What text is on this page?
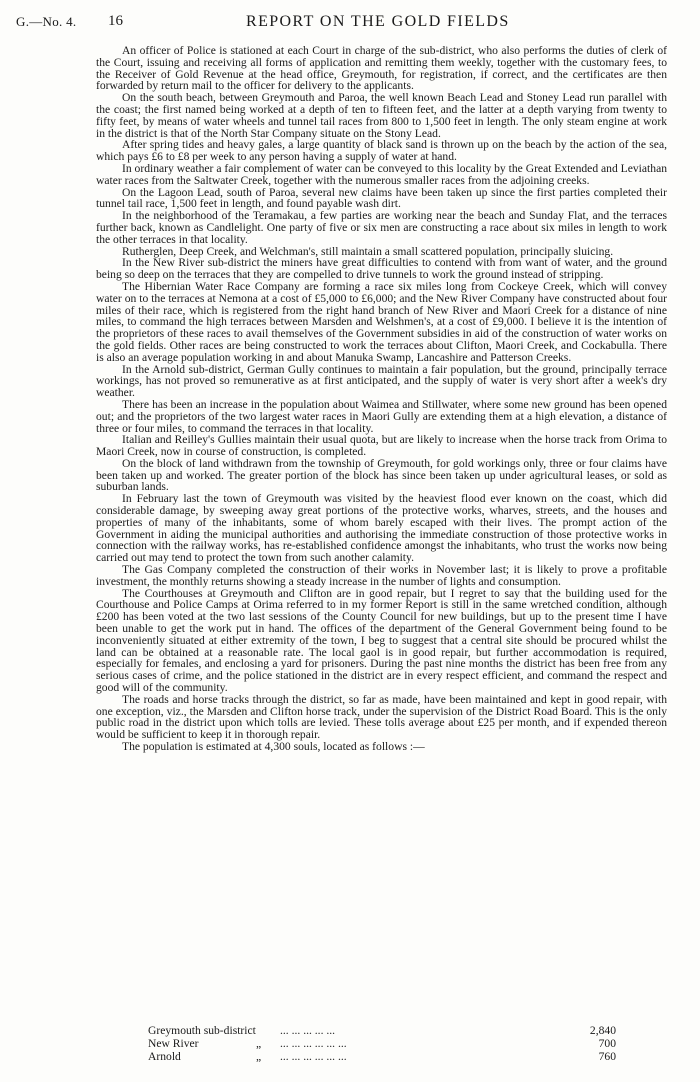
G.—No. 4. 16	REPORT ON THE GOLD FIELDS

An officer of Police is stationed at each Court in charge of the sub-district, who also performs the duties of clerk of the Court, issuing and receiving all forms of application and remitting them weekly, together with the customary fees, to the Receiver of Gold Revenue at the head office, Greymouth, for registration, if correct, and the certificates are then forwarded by return mail to the officer for delivery to the applicants.

On the south beach, between Greymouth and Paroa, the well known Beach Lead and Stoney Lead run parallel with the coast; the first named being worked at a depth of ten to fifteen feet, and the latter at a depth varying from twenty to fifty feet, by means of water wheels and tunnel tail races from 800 to 1,500 feet in length. The only steam engine at work in the district is that of the North Star Company situate on the Stony Lead.

After spring tides and heavy gales, a large quantity of black sand is thrown up on the beach by the action of the sea, which pays £6 to £8 per week to any person having a supply of water at hand.

In ordinary weather a fair complement of water can be conveyed to this locality by the Great Extended and Leviathan water races from the Saltwater Creek, together with the numerous smaller races from the adjoining creeks.

On the Lagoon Lead, south of Paroa, several new claims have been taken up since the first parties completed their tunnel tail race, 1,500 feet in length, and found payable wash dirt.

In the neighborhood of the Teramakau, a few parties are working near the beach and Sunday Flat, and the terraces further back, known as Candlelight. One party of five or six men are constructing a race about six miles in length to work the other terraces in that locality.

Rutherglen, Deep Creek, and Welchman's, still maintain a small scattered population, principally sluicing.

In the New River sub-district the miners have great difficulties to contend with from want of water, and the ground being so deep on the terraces that they are compelled to drive tunnels to work the ground instead of stripping.

The Hibernian Water Race Company are forming a race six miles long from Cockeye Creek, which will convey water on to the terraces at Nemona at a cost of £5,000 to £6,000; and the New River Company have constructed about four miles of their race, which is registered from the right hand branch of New River and Maori Creek for a distance of nine miles, to command the high terraces between Marsden and Welshmen's, at a cost of £9,000. I believe it is the intention of the proprietors of these races to avail themselves of the Government subsidies in aid of the construction of water works on the gold fields. Other races are being constructed to work the terraces about Clifton, Maori Creek, and Cockabulla. There is also an average population working in and about Manuka Swamp, Lancashire and Patterson Creeks.

In the Arnold sub-district, German Gully continues to maintain a fair population, but the ground, principally terrace workings, has not proved so remunerative as at first anticipated, and the supply of water is very short after a week's dry weather.

There has been an increase in the population about Waimea and Stillwater, where some new ground has been opened out; and the proprietors of the two largest water races in Maori Gully are extending them at a high elevation, a distance of three or four miles, to command the terraces in that locality.

Italian and Reilley's Gullies maintain their usual quota, but are likely to increase when the horse track from Orima to Maori Creek, now in course of construction, is completed.

On the block of land withdrawn from the township of Greymouth, for gold workings only, three or four claims have been taken up and worked. The greater portion of the block has since been taken up under agricultural leases, or sold as suburban lands.

In February last the town of Greymouth was visited by the heaviest flood ever known on the coast, which did considerable damage, by sweeping away great portions of the protective works, wharves, streets, and the houses and properties of many of the inhabitants, some of whom barely escaped with their lives. The prompt action of the Government in aiding the municipal authorities and authorising the immediate construction of those protective works in connection with the railway works, has re-established confidence amongst the inhabitants, who trust the works now being carried out may tend to protect the town from such another calamity.

The Gas Company completed the construction of their works in November last; it is likely to prove a profitable investment, the monthly returns showing a steady increase in the number of lights and consumption.

The Courthouses at Greymouth and Clifton are in good repair, but I regret to say that the building used for the Courthouse and Police Camps at Orima referred to in my former Report is still in the same wretched condition, although £200 has been voted at the two last sessions of the County Council for new buildings, but up to the present time I have been unable to get the work put in hand. The offices of the department of the General Government being found to be inconveniently situated at either extremity of the town, I beg to suggest that a central site should be procured whilst the land can be obtained at a reasonable rate. The local gaol is in good repair, but further accommodation is required, especially for females, and enclosing a yard for prisoners. During the past nine months the district has been free from any serious cases of crime, and the police stationed in the district are in every respect efficient, and command the respect and good will of the community.

The roads and horse tracks through the district, so far as made, have been maintained and kept in good repair, with one exception, viz., the Marsden and Clifton horse track, under the supervision of the District Road Board. This is the only public road in the district upon which tolls are levied. These tolls average about £25 per month, and if expended thereon would be sufficient to keep it in thorough repair.

The population is estimated at 4,300 souls, located as follows :—

Greymouth sub-district ... ... ... ... ...	2,840
New River	„ ... ... ... ... ... ...	700
Arnold	„ ... ... ... ... ... ...	760
